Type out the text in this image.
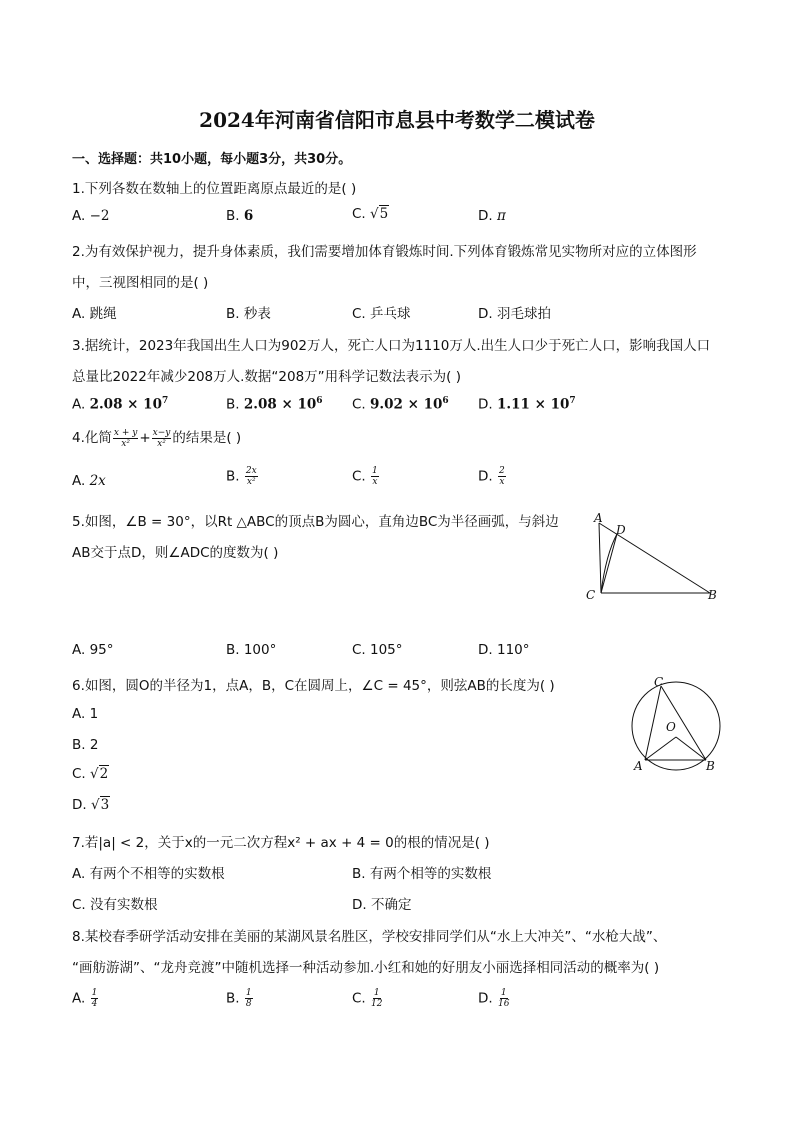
2024年河南省信阳市息县中考数学二模试卷
一、选择题：共10小题，每小题3分，共30分。
1.下列各数在数轴上的位置距离原点最近的是( )
A. −2	B. 6	C. √5	D. π
2.为有效保护视力，提升身体素质，我们需要增加体育锻炼时间.下列体育锻炼常见实物所对应的立体图形
中，三视图相同的是( )
A. 跳绳	B. 秒表	C. 乒乓球	D. 羽毛球拍
3.据统计，2023年我国出生人口为902万人，死亡人口为1110万人.出生人口少于死亡人口，影响我国人口
总量比2022年减少208万人.数据“208万”用科学记数法表示为( )
A. $2.08 \times 10^7$	B. $2.08 \times 10^6$ C. $9.02 \times 10^6$ D. $1.11 \times 10^7$
4.化简 $\frac{x + y}{\text{x²}} + \frac{x-y}{\text{x²}}$ 的结果是( )
A. 2x	B. $\frac{2x}{\text{x²}}$	C. $\frac{1}{x}$	D. $\frac{2}{x}$
5.如图，∠B = 30°，以Rt △ABC的顶点B为圆心，直角边BC为半径画弧，与斜边
AB交于点D，则∠ADC的度数为( )
A
D
C	B
A. 95°	B. 100°	C. 105°	D. 110°
6.如图，圆O的半径为1，点A，B，C在圆周上，∠C = 45°，则弦AB的长度为( )
A. 1
B. 2
C. √2
D. √3
C
O
A	B
7.若|a| < 2，关于x的一元二次方程x² + ax + 4 = 0的根的情况是( )
A. 有两个不相等的实数根	B. 有两个相等的实数根
C. 没有实数根	D. 不确定
8.某校春季研学活动安排在美丽的某湖风景名胜区，学校安排同学们从“水上大冲关”、“水枪大战”、
“画舫游湖”、“龙舟竞渡”中随机选择一种活动参加.小红和她的好朋友小丽选择相同活动的概率为( )
A. $\frac{1}{4}$	B. $\frac{1}{8}$	C. $\frac{1}{12}$	D. $\frac{1}{16}$
